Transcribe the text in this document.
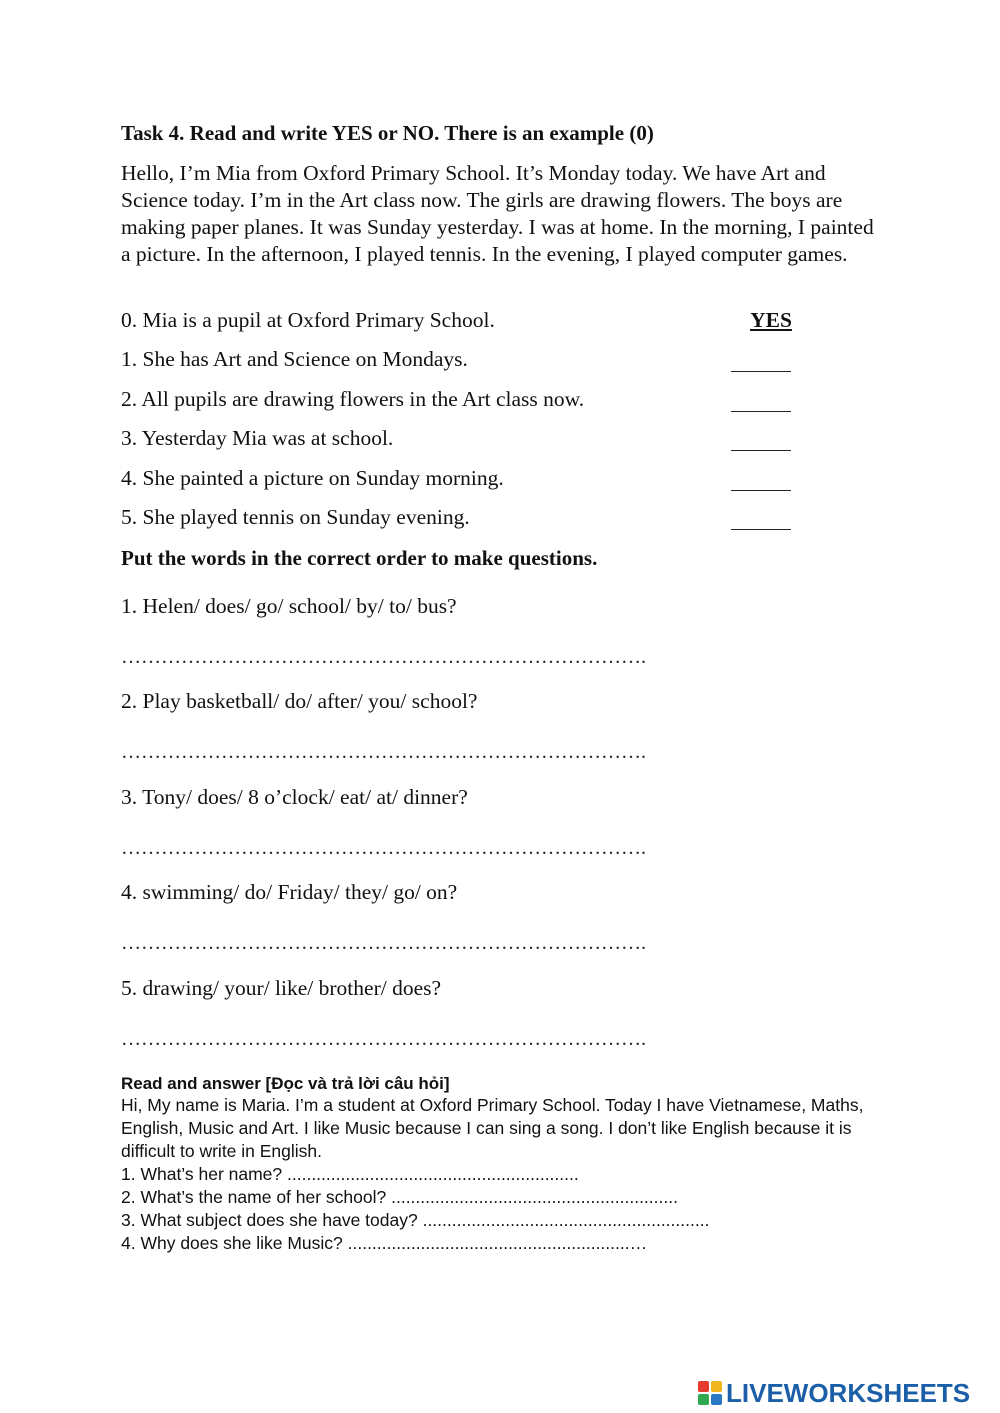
Task 4. Read and write YES or NO. There is an example (0)
Hello, I’m Mia from Oxford Primary School. It’s Monday today. We have Art and Science today. I’m in the Art class now. The girls are drawing flowers. The boys are making paper planes. It was Sunday yesterday. I was at home. In the morning, I painted a picture. In the afternoon, I played tennis. In the evening, I played computer games.
0. Mia is a pupil at Oxford Primary School.	YES
1. She has Art and Science on Mondays.
2. All pupils are drawing flowers in the Art class now.
3. Yesterday Mia was at school.
4. She painted a picture on Sunday morning.
5. She played tennis on Sunday evening.
Put the words in the correct order to make questions.
1. Helen/ does/ go/ school/ by/ to/ bus?
…………………………………………………………………….
2. Play basketball/ do/ after/ you/ school?
…………………………………………………………………….
3. Tony/ does/ 8 o’clock/ eat/ at/ dinner?
…………………………………………………………………….
4. swimming/ do/ Friday/ they/ go/ on?
…………………………………………………………………….
5. drawing/ your/ like/ brother/ does?
…………………………………………………………………….
Read and answer [Đọc và trả lời câu hỏi]
Hi, My name is Maria. I’m a student at Oxford Primary School. Today I have Vietnamese, Maths, English, Music and Art. I like Music because I can sing a song. I don’t like English because it is difficult to write in English.
1. What’s her name? ............................................................
2. What’s the name of her school? ...........................................................
3. What subject does she have today? ...........................................................
4. Why does she like Music? ..........................................................…
LIVEWORKSHEETS
